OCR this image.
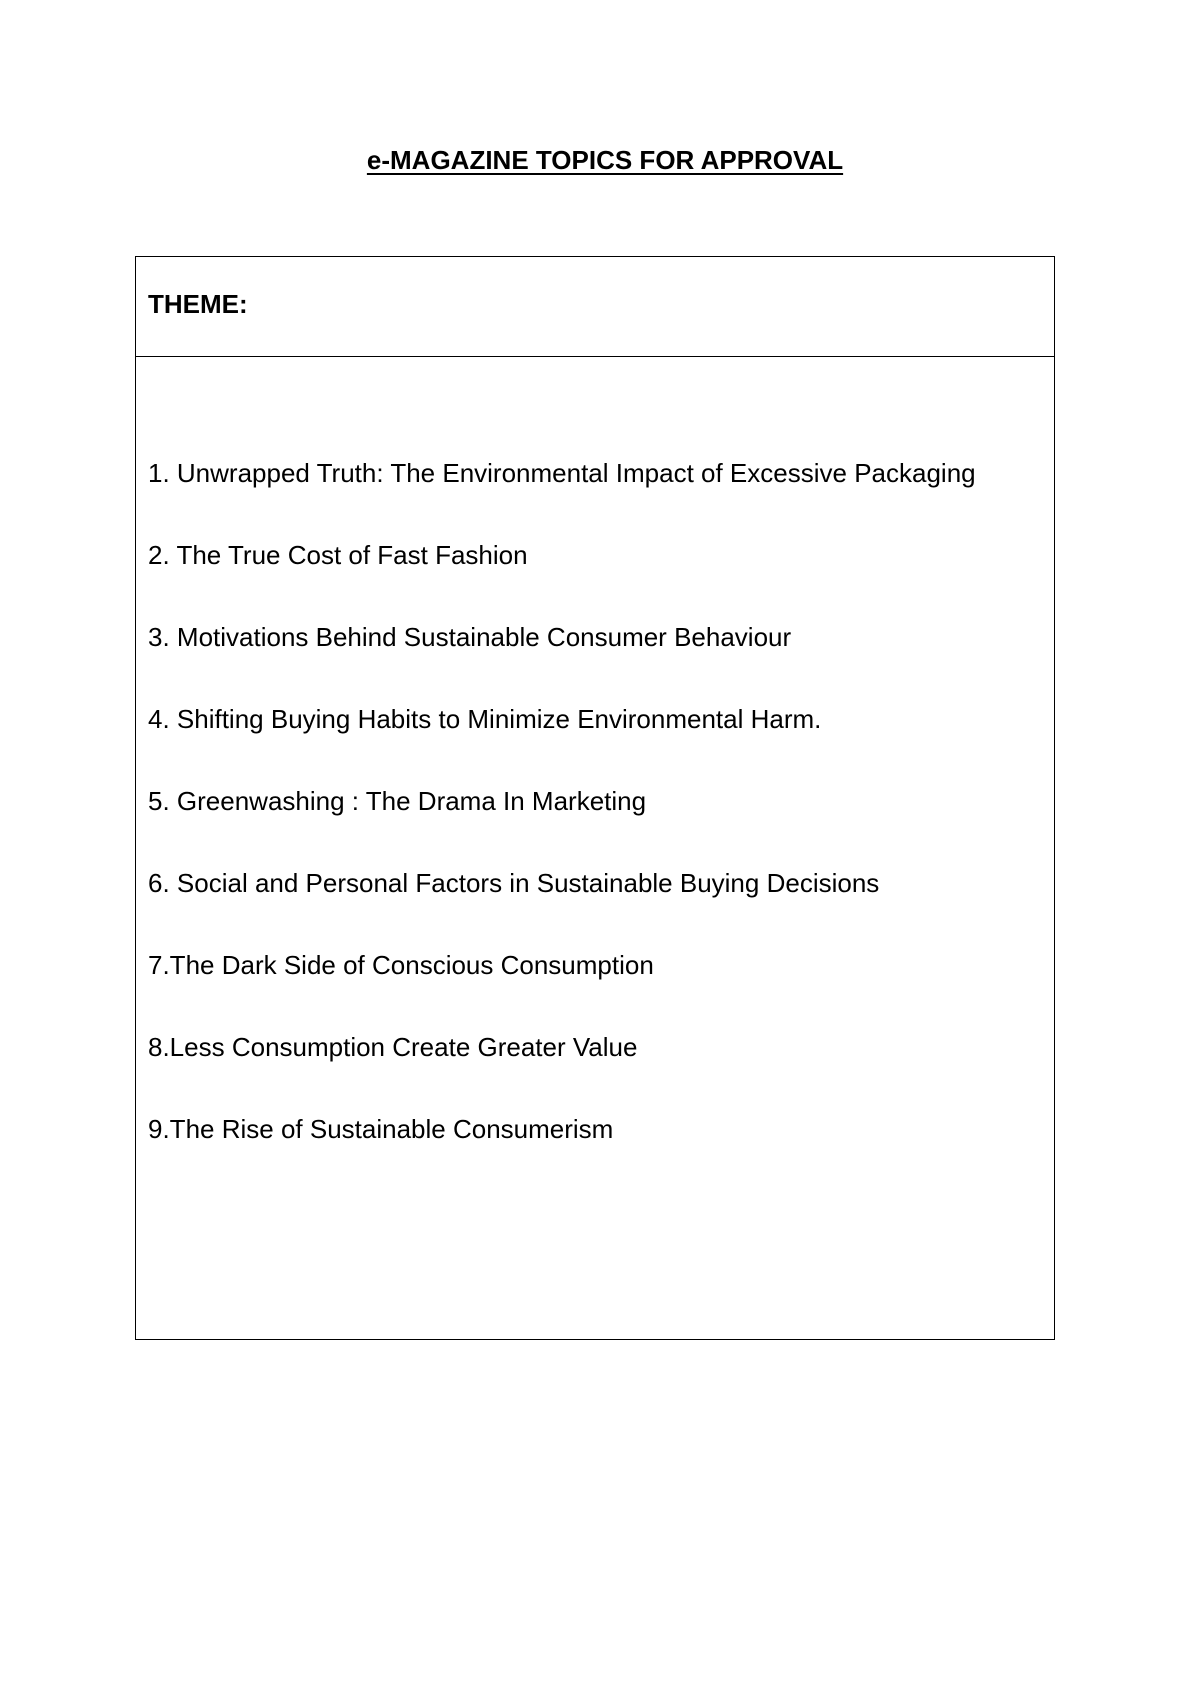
e-MAGAZINE TOPICS FOR APPROVAL
THEME:

1. Unwrapped Truth: The Environmental Impact of Excessive Packaging

2. The True Cost of Fast Fashion

3. Motivations Behind Sustainable Consumer Behaviour

4. Shifting Buying Habits to Minimize Environmental Harm.

5. Greenwashing : The Drama In Marketing

6. Social and Personal Factors in Sustainable Buying Decisions

7.The Dark Side of Conscious Consumption

8.Less Consumption Create Greater Value

9.The Rise of Sustainable Consumerism
